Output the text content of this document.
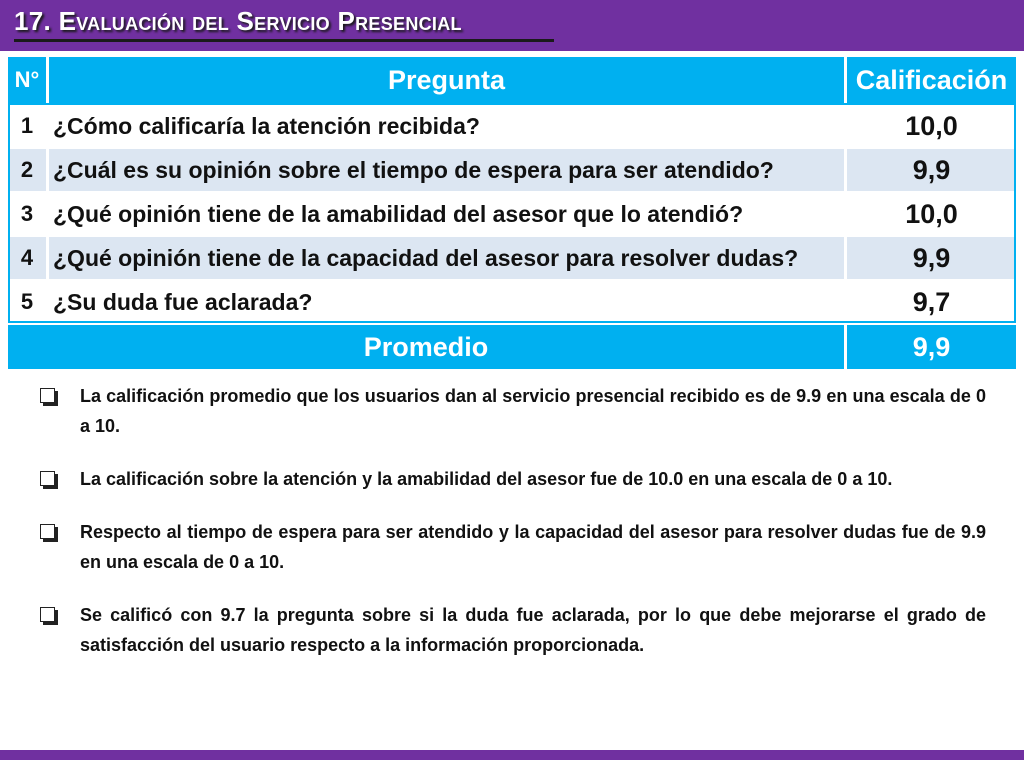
17. Evaluación del Servicio Presencial
N°	Pregunta	Calificación
1 ¿Cómo calificaría la atención recibida?	10,0
2 ¿Cuál es su opinión sobre el tiempo de espera para ser atendido?	9,9
3 ¿Qué opinión tiene de la amabilidad del asesor que lo atendió?	10,0
4 ¿Qué opinión tiene de la capacidad del asesor para resolver dudas?	9,9
5 ¿Su duda fue aclarada?	9,7
Promedio	9,9
La calificación promedio que los usuarios dan al servicio presencial recibido es de 9.9 en una escala de 0 a 10.
La calificación sobre la atención y la amabilidad del asesor fue de 10.0 en una escala de 0 a 10.
Respecto al tiempo de espera para ser atendido y la capacidad del asesor para resolver dudas fue de 9.9 en una escala de 0 a 10.
Se calificó con 9.7 la pregunta sobre si la duda fue aclarada, por lo que debe mejorarse el grado de satisfacción del usuario respecto a la información proporcionada.
